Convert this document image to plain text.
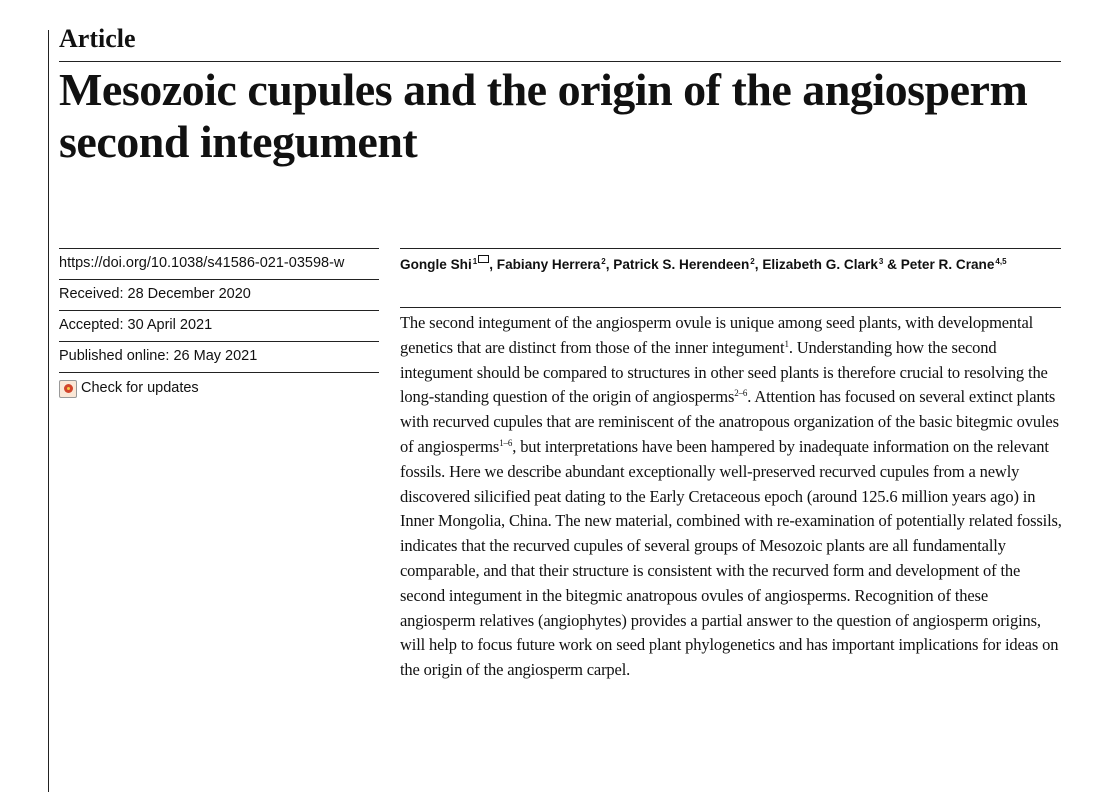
Article
Mesozoic cupules and the origin of the angiosperm second integument
https://doi.org/10.1038/s41586-021-03598-w
Received: 28 December 2020
Accepted: 30 April 2021
Published online: 26 May 2021
Check for updates

Gongle Shi$^1$ , Fabiany Herrera$^2$, Patrick S. Herendeen$^2$, Elizabeth G. Clark$^3$ & Peter R. Crane$^{4,5}$

The second integument of the angiosperm ovule is unique among seed plants, with developmental genetics that are distinct from those of the inner integument$^1$. Understanding how the second integument should be compared to structures in other seed plants is therefore crucial to resolving the long-standing question of the origin of angiosperms$^{2-6}$. Attention has focused on several extinct plants with recurved cupules that are reminiscent of the anatropous organization of the basic bitegmic ovules of angiosperms$^{1-6}$, but interpretations have been hampered by inadequate information on the relevant fossils. Here we describe abundant exceptionally well-preserved recurved cupules from a newly discovered silicified peat dating to the Early Cretaceous epoch (around 125.6 million years ago) in Inner Mongolia, China. The new material, combined with re-examination of potentially related fossils, indicates that the recurved cupules of several groups of Mesozoic plants are all fundamentally comparable, and that their structure is consistent with the recurved form and development of the second integument in the bitegmic anatropous ovules of angiosperms. Recognition of these angiosperm relatives (angiophytes) provides a partial answer to the question of angiosperm origins, will help to focus future work on seed plant phylogenetics and has important implications for ideas on the origin of the angiosperm carpel.
